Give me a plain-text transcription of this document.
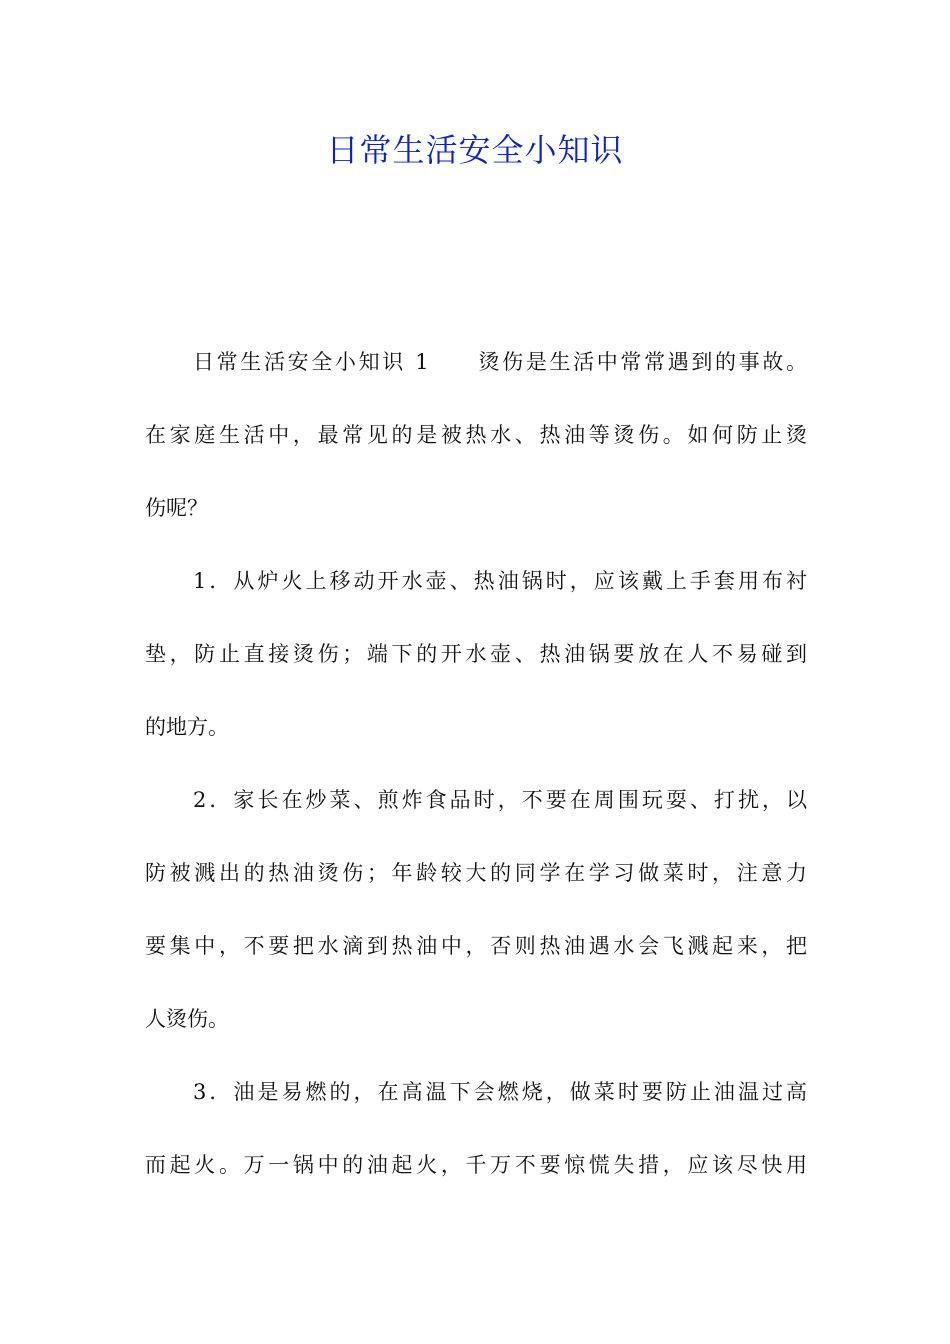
日常生活安全小知识
日常生活安全小知识 1　　烫伤是生活中常常遇到的事故。
在家庭生活中，最常见的是被热水、热油等烫伤。如何防止烫
伤呢？
1．从炉火上移动开水壶、热油锅时，应该戴上手套用布衬
垫，防止直接烫伤；端下的开水壶、热油锅要放在人不易碰到
的地方。
2．家长在炒菜、煎炸食品时，不要在周围玩耍、打扰，以
防被溅出的热油烫伤；年龄较大的同学在学习做菜时，注意力
要集中，不要把水滴到热油中，否则热油遇水会飞溅起来，把
人烫伤。
3．油是易燃的，在高温下会燃烧，做菜时要防止油温过高
而起火。万一锅中的油起火，千万不要惊慌失措，应该尽快用
